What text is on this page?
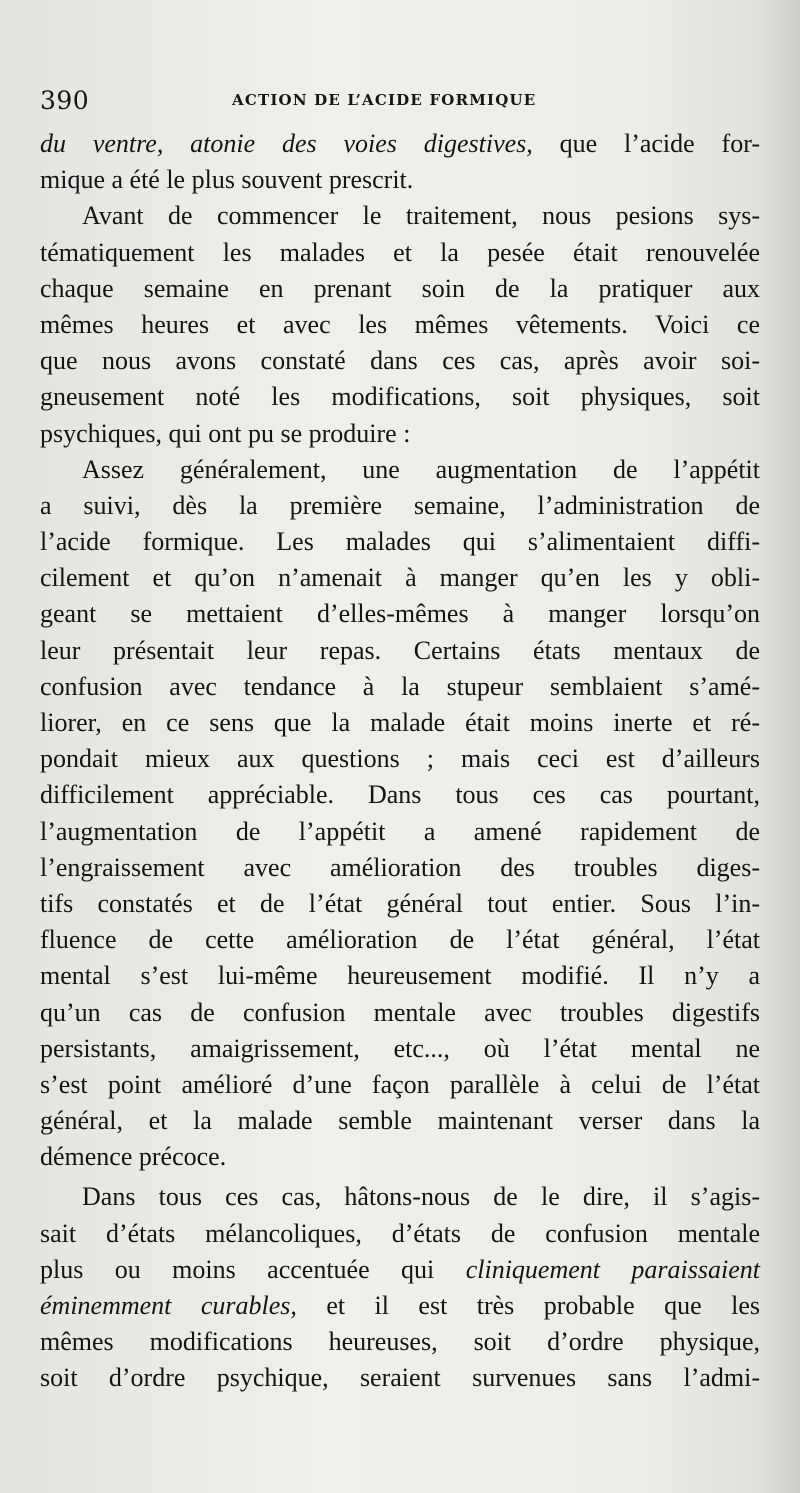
390	ACTION DE L’ACIDE FORMIQUE
du ventre, atonie des voies digestives, que l’acide for-
mique a été le plus souvent prescrit.
Avant de commencer le traitement, nous pesions sys-
tématiquement les malades et la pesée était renouvelée
chaque semaine en prenant soin de la pratiquer aux
mêmes heures et avec les mêmes vêtements. Voici ce
que nous avons constaté dans ces cas, après avoir soi-
gneusement noté les modifications, soit physiques, soit
psychiques, qui ont pu se produire :
Assez généralement, une augmentation de l’appétit
a suivi, dès la première semaine, l’administration de
l’acide formique. Les malades qui s’alimentaient diffi-
cilement et qu’on n’amenait à manger qu’en les y obli-
geant se mettaient d’elles-mêmes à manger lorsqu’on
leur présentait leur repas. Certains états mentaux de
confusion avec tendance à la stupeur semblaient s’amé-
liorer, en ce sens que la malade était moins inerte et ré-
pondait mieux aux questions ; mais ceci est d’ailleurs
difficilement appréciable. Dans tous ces cas pourtant,
l’augmentation de l’appétit a amené rapidement de
l’engraissement avec amélioration des troubles diges-
tifs constatés et de l’état général tout entier. Sous l’in-
fluence de cette amélioration de l’état général, l’état
mental s’est lui-même heureusement modifié. Il n’y a
qu’un cas de confusion mentale avec troubles digestifs
persistants, amaigrissement, etc..., où l’état mental ne
s’est point amélioré d’une façon parallèle à celui de l’état
général, et la malade semble maintenant verser dans la
démence précoce.
Dans tous ces cas, hâtons-nous de le dire, il s’agis-
sait d’états mélancoliques, d’états de confusion mentale
plus ou moins accentuée qui cliniquement paraissaient
éminemment curables, et il est très probable que les
mêmes modifications heureuses, soit d’ordre physique,
soit d’ordre psychique, seraient survenues sans l’admi-
